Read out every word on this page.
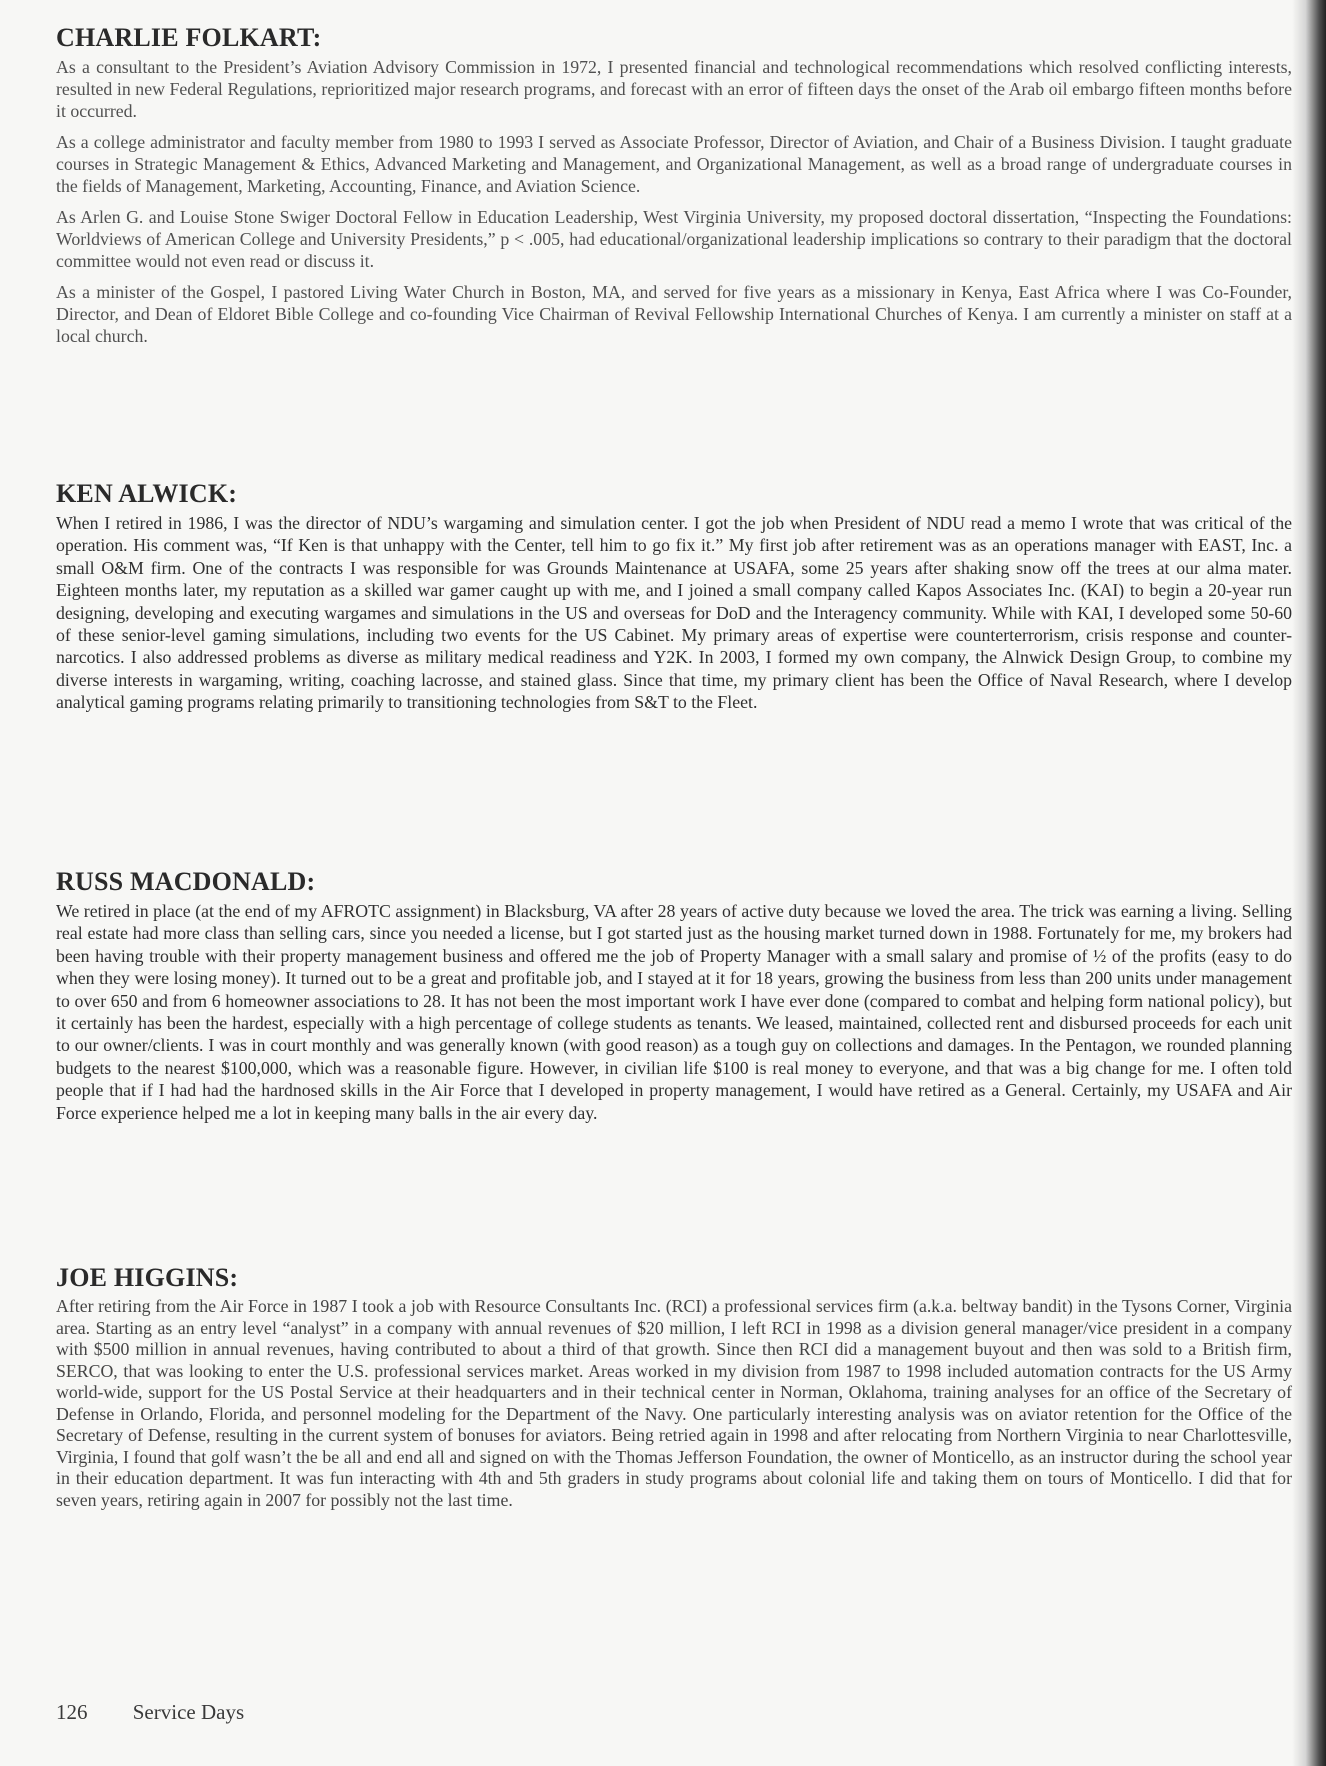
CHARLIE FOLKART:

As a consultant to the President’s Aviation Advisory Commission in 1972, I presented financial and technological recommendations which resolved conflicting interests, resulted in new Federal Regulations, reprioritized major research programs, and forecast with an error of fifteen days the onset of the Arab oil embargo fifteen months before it occurred.

As a college administrator and faculty member from 1980 to 1993 I served as Associate Professor, Director of Aviation, and Chair of a Business Division. I taught graduate courses in Strategic Management & Ethics, Advanced Marketing and Management, and Organizational Management, as well as a broad range of undergraduate courses in the fields of Management, Marketing, Accounting, Finance, and Aviation Science.

As Arlen G. and Louise Stone Swiger Doctoral Fellow in Education Leadership, West Virginia University, my proposed doctoral dissertation, “Inspecting the Foundations: Worldviews of American College and University Presidents,” p < .005, had educational/organizational leadership implications so contrary to their paradigm that the doctoral committee would not even read or discuss it.

As a minister of the Gospel, I pastored Living Water Church in Boston, MA, and served for five years as a missionary in Kenya, East Africa where I was Co-Founder, Director, and Dean of Eldoret Bible College and co-founding Vice Chairman of Revival Fellowship International Churches of Kenya. I am currently a minister on staff at a local church.

KEN ALWICK:

When I retired in 1986, I was the director of NDU’s wargaming and simulation center. I got the job when President of NDU read a memo I wrote that was critical of the operation. His comment was, “If Ken is that unhappy with the Center, tell him to go fix it.” My first job after retirement was as an operations manager with EAST, Inc. a small O&M firm. One of the contracts I was responsible for was Grounds Maintenance at USAFA, some 25 years after shaking snow off the trees at our alma mater. Eighteen months later, my reputation as a skilled war gamer caught up with me, and I joined a small company called Kapos Associates Inc. (KAI) to begin a 20-year run designing, developing and executing wargames and simulations in the US and overseas for DoD and the Interagency community. While with KAI, I developed some 50-60 of these senior-level gaming simulations, including two events for the US Cabinet. My primary areas of expertise were counterterrorism, crisis response and counter-narcotics. I also addressed problems as diverse as military medical readiness and Y2K. In 2003, I formed my own company, the Alnwick Design Group, to combine my diverse interests in wargaming, writing, coaching lacrosse, and stained glass. Since that time, my primary client has been the Office of Naval Research, where I develop analytical gaming programs relating primarily to transitioning technologies from S&T to the Fleet.

RUSS MACDONALD:

We retired in place (at the end of my AFROTC assignment) in Blacksburg, VA after 28 years of active duty because we loved the area. The trick was earning a living. Selling real estate had more class than selling cars, since you needed a license, but I got started just as the housing market turned down in 1988. Fortunately for me, my brokers had been having trouble with their property management business and offered me the job of Property Manager with a small salary and promise of ½ of the profits (easy to do when they were losing money). It turned out to be a great and profitable job, and I stayed at it for 18 years, growing the business from less than 200 units under management to over 650 and from 6 homeowner associations to 28. It has not been the most important work I have ever done (compared to combat and helping form national policy), but it certainly has been the hardest, especially with a high percentage of college students as tenants. We leased, maintained, collected rent and disbursed proceeds for each unit to our owner/clients. I was in court monthly and was generally known (with good reason) as a tough guy on collections and damages. In the Pentagon, we rounded planning budgets to the nearest $100,000, which was a reasonable figure. However, in civilian life $100 is real money to everyone, and that was a big change for me. I often told people that if I had had the hardnosed skills in the Air Force that I developed in property management, I would have retired as a General. Certainly, my USAFA and Air Force experience helped me a lot in keeping many balls in the air every day.

JOE HIGGINS:

After retiring from the Air Force in 1987 I took a job with Resource Consultants Inc. (RCI) a professional services firm (a.k.a. beltway bandit) in the Tysons Corner, Virginia area. Starting as an entry level “analyst” in a company with annual revenues of $20 million, I left RCI in 1998 as a division general manager/vice president in a company with $500 million in annual revenues, having contributed to about a third of that growth. Since then RCI did a management buyout and then was sold to a British firm, SERCO, that was looking to enter the U.S. professional services market. Areas worked in my division from 1987 to 1998 included automation contracts for the US Army world-wide, support for the US Postal Service at their headquarters and in their technical center in Norman, Oklahoma, training analyses for an office of the Secretary of Defense in Orlando, Florida, and personnel modeling for the Department of the Navy. One particularly interesting analysis was on aviator retention for the Office of the Secretary of Defense, resulting in the current system of bonuses for aviators. Being retried again in 1998 and after relocating from Northern Virginia to near Charlottesville, Virginia, I found that golf wasn’t the be all and end all and signed on with the Thomas Jefferson Foundation, the owner of Monticello, as an instructor during the school year in their education department. It was fun interacting with 4th and 5th graders in study programs about colonial life and taking them on tours of Monticello. I did that for seven years, retiring again in 2007 for possibly not the last time.

126 Service Days
